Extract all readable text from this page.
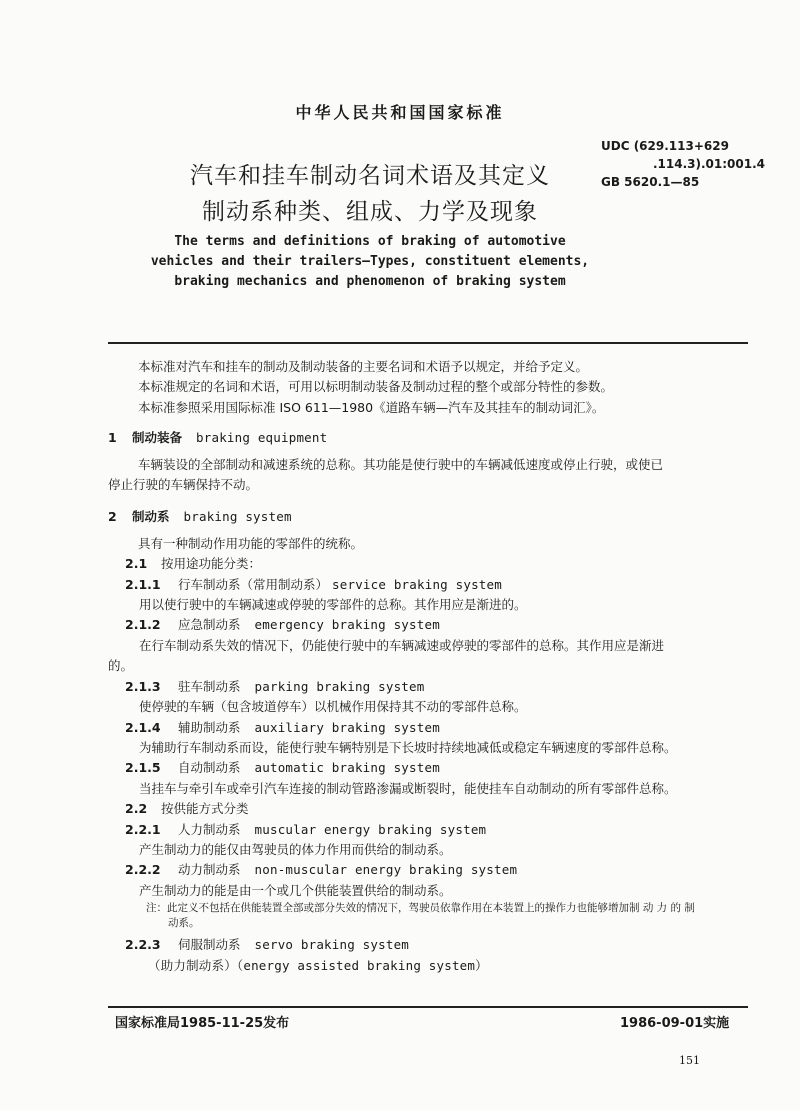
中华人民共和国国家标准
UDC (629.113+629
.114.3).01:001.4
GB 5620.1—85
汽车和挂车制动名词术语及其定义
制动系种类、组成、力学及现象
The terms and definitions of braking of automotive vehicles and their trailers—Types, constituent elements, braking mechanics and phenomenon of braking system

本标准对汽车和挂车的制动及制动装备的主要名词和术语予以规定，并给予定义。

本标准规定的名词和术语，可用以标明制动装备及制动过程的整个或部分特性的参数。

本标准参照采用国际标准 ISO 611—1980《道路车辆—汽车及其挂车的制动词汇》。

1	制动装备 braking equipment

车辆装设的全部制动和减速系统的总称。其功能是使行驶中的车辆减低速度或停止行驶，或使已

停止行驶的车辆保持不动。

2	制动系 braking system

具有一种制动作用功能的零部件的统称。

2.1	按用途功能分类：
2.1.1	行车制动系（常用制动系） service braking system

用以使行驶中的车辆减速或停驶的零部件的总称。其作用应是渐进的。

2.1.2	应急制动系 emergency braking system

在行车制动系失效的情况下，仍能使行驶中的车辆减速或停驶的零部件的总称。其作用应是渐进

的。

2.1.3	驻车制动系 parking braking system

使停驶的车辆（包含坡道停车）以机械作用保持其不动的零部件总称。

2.1.4	辅助制动系 auxiliary braking system

为辅助行车制动系而设，能使行驶车辆特别是下长坡时持续地减低或稳定车辆速度的零部件总称。

2.1.5	自动制动系 automatic braking system

当挂车与牵引车或牵引汽车连接的制动管路渗漏或断裂时，能使挂车自动制动的所有零部件总称。

2.2	按供能方式分类
2.2.1	人力制动系 muscular energy braking system

产生制动力的能仅由驾驶员的体力作用而供给的制动系。

2.2.2	动力制动系 non-muscular energy braking system

产生制动力的能是由一个或几个供能装置供给的制动系。

注：此定义不包括在供能装置全部或部分失效的情况下，驾驶员依靠作用在本装置上的操作力也能够增加制 动 力 的 制

动系。

2.2.3	伺服制动系 servo braking system

（助力制动系）（energy assisted braking system）

国家标准局1985-11-25发布	1986-09-01实施
151
